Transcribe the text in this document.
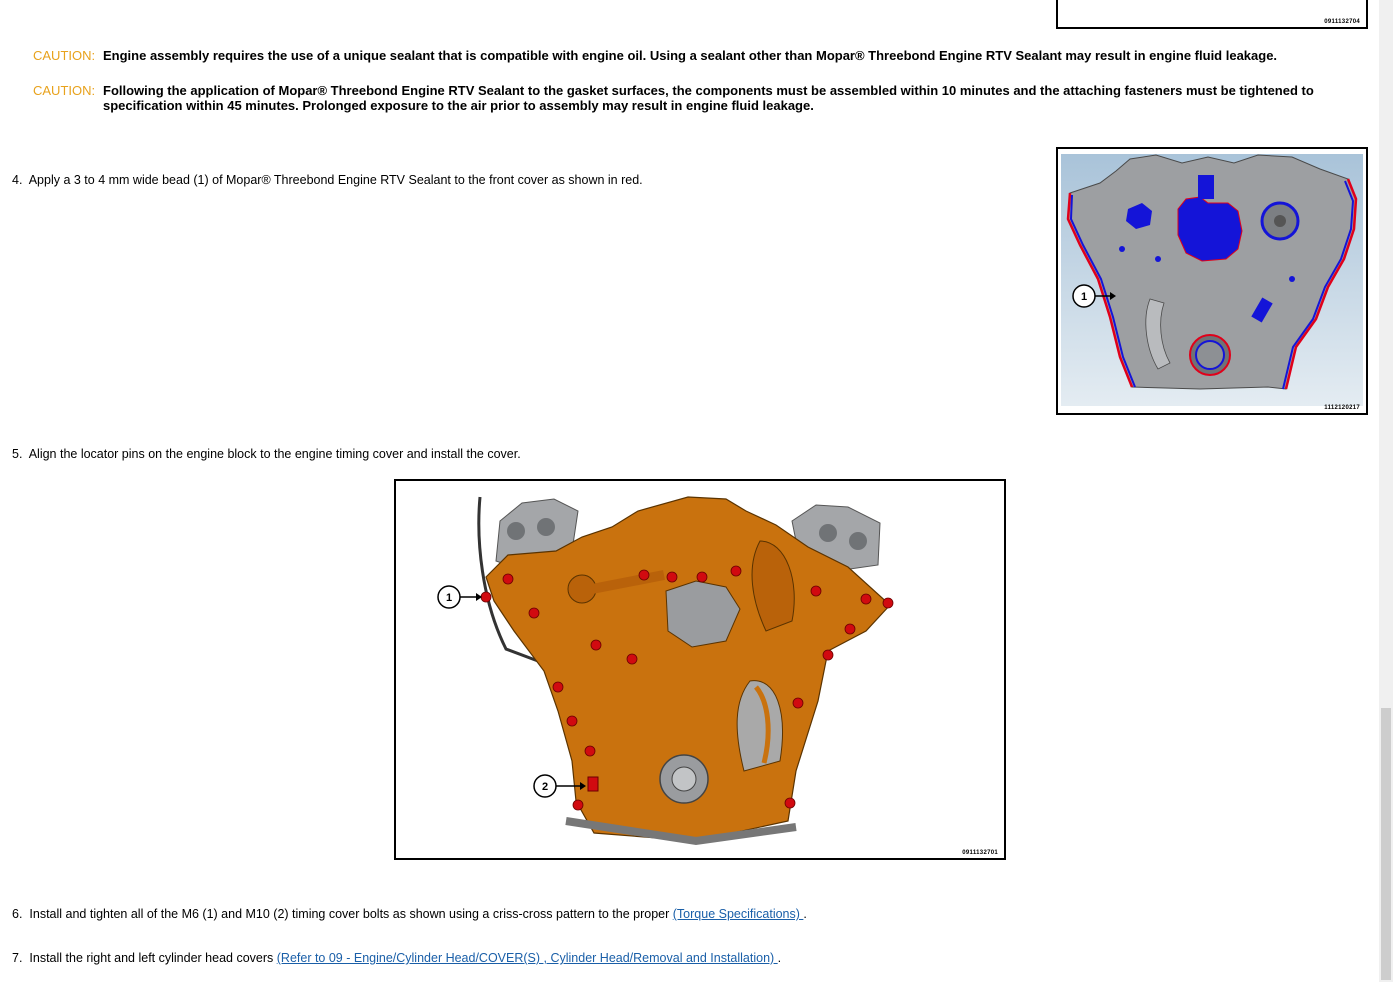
0911132704
CAUTION: Engine assembly requires the use of a unique sealant that is compatible with engine oil. Using a sealant other than Mopar® Threebond Engine RTV Sealant may result in engine fluid leakage.
CAUTION: Following the application of Mopar® Threebond Engine RTV Sealant to the gasket surfaces, the components must be assembled within 10 minutes and the attaching fasteners must be tightened to specification within 45 minutes. Prolonged exposure to the air prior to assembly may result in engine fluid leakage.
4. Apply a 3 to 4 mm wide bead (1) of Mopar® Threebond Engine RTV Sealant to the front cover as shown in red.
1
1112120217
5. Align the locator pins on the engine block to the engine timing cover and install the cover.
1
2
0911132701
6. Install and tighten all of the M6 (1) and M10 (2) timing cover bolts as shown using a criss-cross pattern to the proper (Torque Specifications) .
7. Install the right and left cylinder head covers (Refer to 09 - Engine/Cylinder Head/COVER(S) , Cylinder Head/Removal and Installation) .
